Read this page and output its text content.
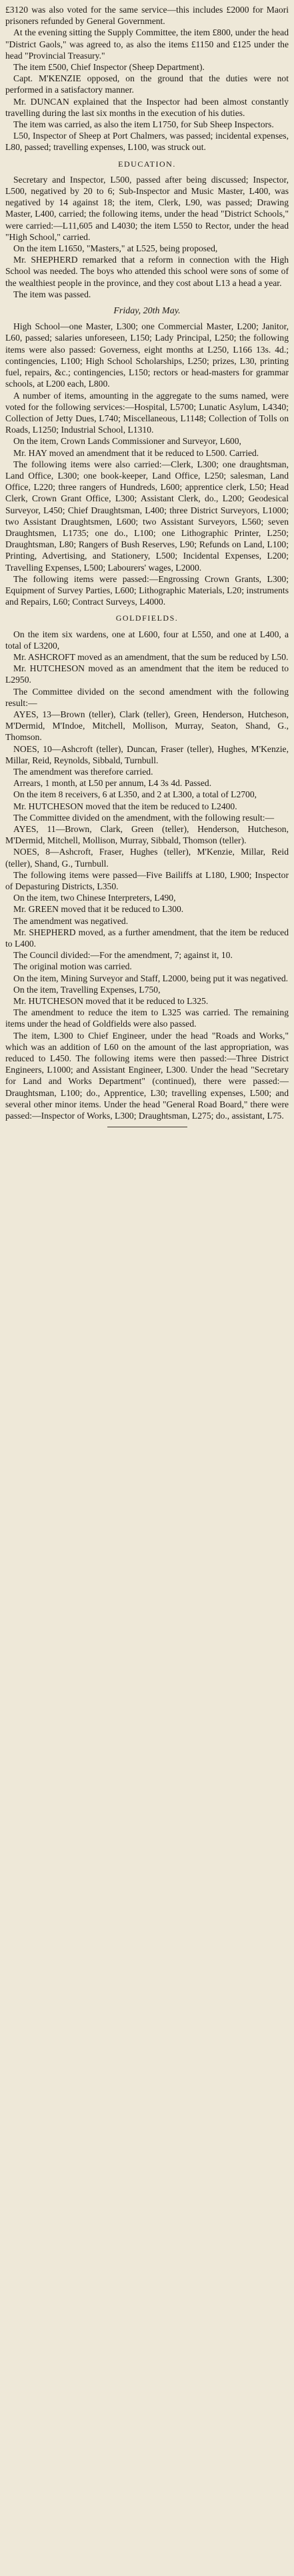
£3120 was also voted for the same service—this includes £2000 for Maori prisoners refunded by General Government.

At the evening sitting the Supply Committee, the item £800, under the head "District Gaols," was agreed to, as also the items £1150 and £125 under the head "Provincial Treasury."

The item £500, Chief Inspector (Sheep Department).

Capt. M'KENZIE opposed, on the ground that the duties were not performed in a satisfactory manner.

Mr. DUNCAN explained that the Inspector had been almost constantly travelling during the last six months in the execution of his duties.

The item was carried, as also the item L1750, for Sub Sheep Inspectors.

L50, Inspector of Sheep at Port Chalmers, was passed; incidental expenses, L80, passed; travelling expenses, L100, was struck out.

EDUCATION.

Secretary and Inspector, L500, passed after being discussed; Inspector, L500, negatived by 20 to 6; Sub-Inspector and Music Master, L400, was negatived by 14 against 18; the item, Clerk, L90, was passed; Drawing Master, L400, carried; the following items, under the head "District Schools," were carried:—L11,605 and L4030; the item L550 to Rector, under the head "High School," carried.

On the item L1650, "Masters," at L525, being proposed,

Mr. SHEPHERD remarked that a reform in connection with the High School was needed. The boys who attended this school were sons of some of the wealthiest people in the province, and they cost about L13 a head a year.

The item was passed.

Friday, 20th May.

High School—one Master, L300; one Commercial Master, L200; Janitor, L60, passed; salaries unforeseen, L150; Lady Principal, L250; the following items were also passed: Governess, eight months at L250, L166 13s. 4d.; contingencies, L100; High School Scholarships, L250; prizes, L30, printing fuel, repairs, &c.; contingencies, L150; rectors or head-masters for grammar schools, at L200 each, L800.

A number of items, amounting in the aggregate to the sums named, were voted for the following services:—Hospital, L5700; Lunatic Asylum, L4340; Collection of Jetty Dues, L740; Miscellaneous, L1148; Collection of Tolls on Roads, L1250; Industrial School, L1310.

On the item, Crown Lands Commissioner and Surveyor, L600,

Mr. HAY moved an amendment that it be reduced to L500. Carried.

The following items were also carried:—Clerk, L300; one draughtsman, Land Office, L300; one book-keeper, Land Office, L250; salesman, Land Office, L220; three rangers of Hundreds, L600; apprentice clerk, L50; Head Clerk, Crown Grant Office, L300; Assistant Clerk, do., L200; Geodesical Surveyor, L450; Chief Draughtsman, L400; three District Surveyors, L1000; two Assistant Draughtsmen, L600; two Assistant Surveyors, L560; seven Draughtsmen, L1735; one do., L100; one Lithographic Printer, L250; Draughtsman, L80; Rangers of Bush Reserves, L90; Refunds on Land, L100; Printing, Advertising, and Stationery, L500; Incidental Expenses, L200; Travelling Expenses, L500; Labourers' wages, L2000.

The following items were passed:—Engrossing Crown Grants, L300; Equipment of Survey Parties, L600; Lithographic Materials, L20; instruments and Repairs, L60; Contract Surveys, L4000.

GOLDFIELDS.

On the item six wardens, one at L600, four at L550, and one at L400, a total of L3200,

Mr. ASHCROFT moved as an amendment, that the sum be reduced by L50.

Mr. HUTCHESON moved as an amendment that the item be reduced to L2950.

The Committee divided on the second amendment with the following result:—

AYES, 13—Brown (teller), Clark (teller), Green, Henderson, Hutcheson, M'Dermid, M'Indoe, Mitchell, Mollison, Murray, Seaton, Shand, G., Thomson.

NOES, 10—Ashcroft (teller), Duncan, Fraser (teller), Hughes, M'Kenzie, Millar, Reid, Reynolds, Sibbald, Turnbull.

The amendment was therefore carried.

Arrears, 1 month, at L50 per annum, L4 3s 4d. Passed.

On the item 8 receivers, 6 at L350, and 2 at L300, a total of L2700,

Mr. HUTCHESON moved that the item be reduced to L2400.

The Committee divided on the amendment, with the following result:—

AYES, 11—Brown, Clark, Green (teller), Henderson, Hutcheson, M'Dermid, Mitchell, Mollison, Murray, Sibbald, Thomson (teller).

NOES, 8—Ashcroft, Fraser, Hughes (teller), M'Kenzie, Millar, Reid (teller), Shand, G., Turnbull.

The following items were passed—Five Bailiffs at L180, L900; Inspector of Depasturing Districts, L350.

On the item, two Chinese Interpreters, L490,

Mr. GREEN moved that it be reduced to L300.

The amendment was negatived.

Mr. SHEPHERD moved, as a further amendment, that the item be reduced to L400.

The Council divided:—For the amendment, 7; against it, 10.

The original motion was carried.

On the item, Mining Surveyor and Staff, L2000, being put it was negatived.

On the item, Travelling Expenses, L750,

Mr. HUTCHESON moved that it be reduced to L325.

The amendment to reduce the item to L325 was carried. The remaining items under the head of Goldfields were also passed.

The item, L300 to Chief Engineer, under the head "Roads and Works," which was an addition of L60 on the amount of the last appropriation, was reduced to L450. The following items were then passed:—Three District Engineers, L1000; and Assistant Engineer, L300. Under the head "Secretary for Land and Works Department" (continued), there were passed:—Draughtsman, L100; do., Apprentice, L30; travelling expenses, L500; and several other minor items. Under the head "General Road Board," there were passed:—Inspector of Works, L300; Draughtsman, L275; do., assistant, L75.
